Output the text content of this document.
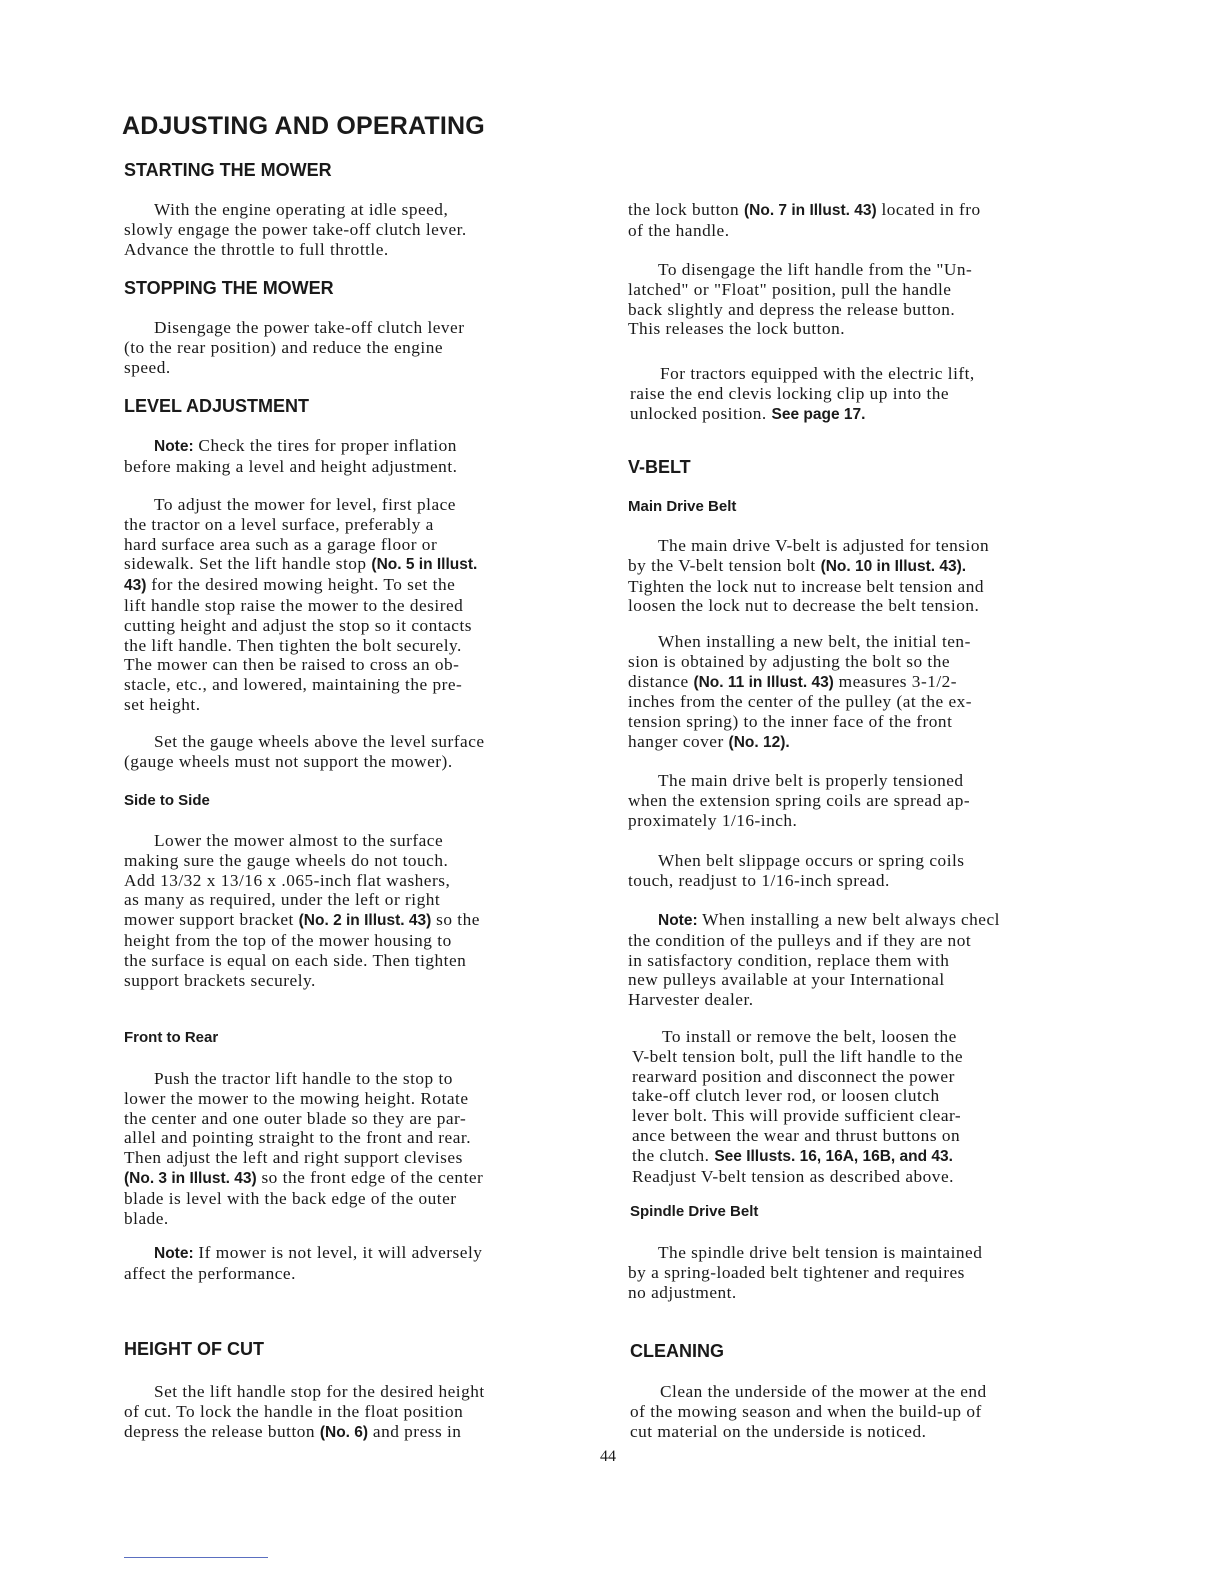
ADJUSTING AND OPERATING
STARTING THE MOWER
With the engine operating at idle speed,
slowly engage the power take-off clutch lever.
Advance the throttle to full throttle.
STOPPING THE MOWER
Disengage the power take-off clutch lever
(to the rear position) and reduce the engine
speed.
LEVEL ADJUSTMENT
Note: Check the tires for proper inflation
before making a level and height adjustment.
To adjust the mower for level, first place
the tractor on a level surface, preferably a
hard surface area such as a garage floor or
sidewalk. Set the lift handle stop (No. 5 in Illust.
43) for the desired mowing height. To set the
lift handle stop raise the mower to the desired
cutting height and adjust the stop so it contacts
the lift handle. Then tighten the bolt securely.
The mower can then be raised to cross an ob-
stacle, etc., and lowered, maintaining the pre-
set height.
Set the gauge wheels above the level surface
(gauge wheels must not support the mower).
Side to Side
Lower the mower almost to the surface
making sure the gauge wheels do not touch.
Add 13/32 x 13/16 x .065-inch flat washers,
as many as required, under the left or right
mower support bracket (No. 2 in Illust. 43) so the
height from the top of the mower housing to
the surface is equal on each side. Then tighten
support brackets securely.
Front to Rear
Push the tractor lift handle to the stop to
lower the mower to the mowing height. Rotate
the center and one outer blade so they are par-
allel and pointing straight to the front and rear.
Then adjust the left and right support clevises
(No. 3 in Illust. 43) so the front edge of the center
blade is level with the back edge of the outer
blade.
Note: If mower is not level, it will adversely
affect the performance.
HEIGHT OF CUT
Set the lift handle stop for the desired height
of cut. To lock the handle in the float position
depress the release button (No. 6) and press in
the lock button (No. 7 in Illust. 43) located in fro
of the handle.
To disengage the lift handle from the "Un-
latched" or "Float" position, pull the handle
back slightly and depress the release button.
This releases the lock button.
For tractors equipped with the electric lift,
raise the end clevis locking clip up into the
unlocked position. See page 17.
V-BELT
Main Drive Belt
The main drive V-belt is adjusted for tension
by the V-belt tension bolt (No. 10 in Illust. 43).
Tighten the lock nut to increase belt tension and
loosen the lock nut to decrease the belt tension.
When installing a new belt, the initial ten-
sion is obtained by adjusting the bolt so the
distance (No. 11 in Illust. 43) measures 3-1/2-
inches from the center of the pulley (at the ex-
tension spring) to the inner face of the front
hanger cover (No. 12).
The main drive belt is properly tensioned
when the extension spring coils are spread ap-
proximately 1/16-inch.
When belt slippage occurs or spring coils
touch, readjust to 1/16-inch spread.
Note: When installing a new belt always checl
the condition of the pulleys and if they are not
in satisfactory condition, replace them with
new pulleys available at your International
Harvester dealer.
To install or remove the belt, loosen the
V-belt tension bolt, pull the lift handle to the
rearward position and disconnect the power
take-off clutch lever rod, or loosen clutch
lever bolt. This will provide sufficient clear-
ance between the wear and thrust buttons on
the clutch. See Illusts. 16, 16A, 16B, and 43.
Readjust V-belt tension as described above.
Spindle Drive Belt
The spindle drive belt tension is maintained
by a spring-loaded belt tightener and requires
no adjustment.
CLEANING
Clean the underside of the mower at the end
of the mowing season and when the build-up of
cut material on the underside is noticed.

44
